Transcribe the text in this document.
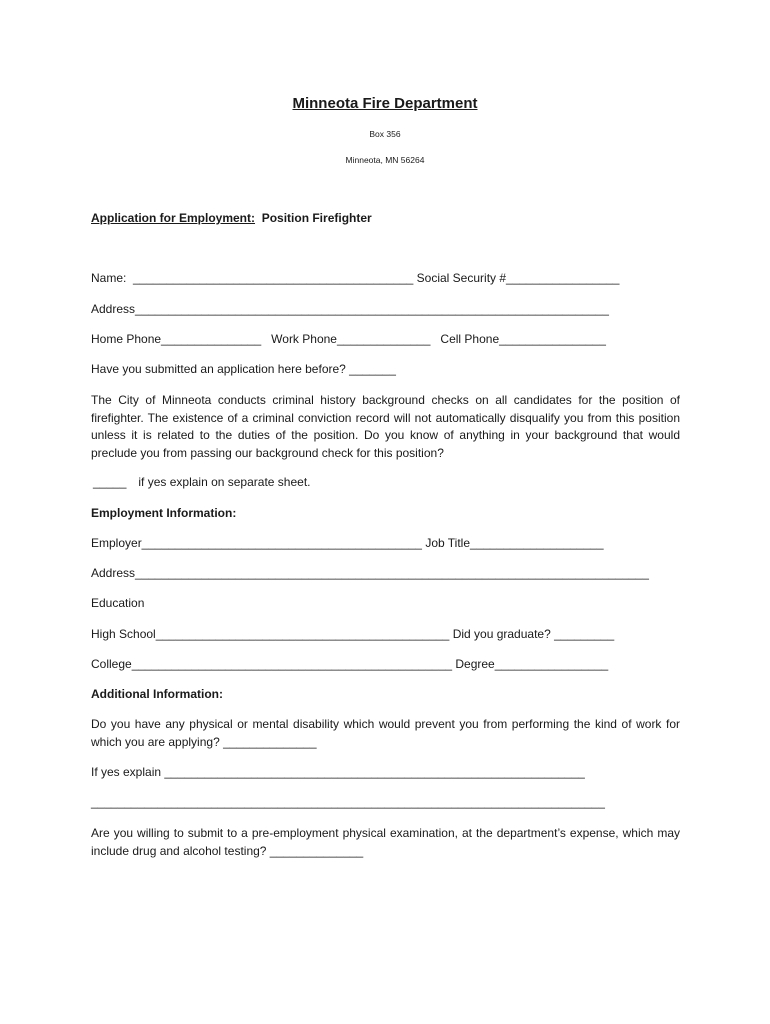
Minneota Fire Department
Box 356
Minneota, MN 56264
Application for Employment: Position Firefighter
Name:  __________________________________________ Social Security #_________________
Address_______________________________________________________________________
Home Phone_______________ Work Phone______________ Cell Phone________________
Have you submitted an application here before? _______
The City of Minneota conducts criminal history background checks on all candidates for the position of firefighter. The existence of a criminal conviction record will not automatically disqualify you from this position unless it is related to the duties of the position. Do you know of anything in your background that would preclude you from passing our background check for this position?
_____ if yes explain on separate sheet.
Employment Information:
Employer__________________________________________ Job Title____________________
Address_____________________________________________________________________________
Education
High School____________________________________________ Did you graduate? _________
College________________________________________________ Degree_________________
Additional Information:
Do you have any physical or mental disability which would prevent you from performing the kind of work for which you are applying? ______________
If yes explain _______________________________________________________________
_____________________________________________________________________________
Are you willing to submit to a pre-employment physical examination, at the department’s expense, which may include drug and alcohol testing? ______________
